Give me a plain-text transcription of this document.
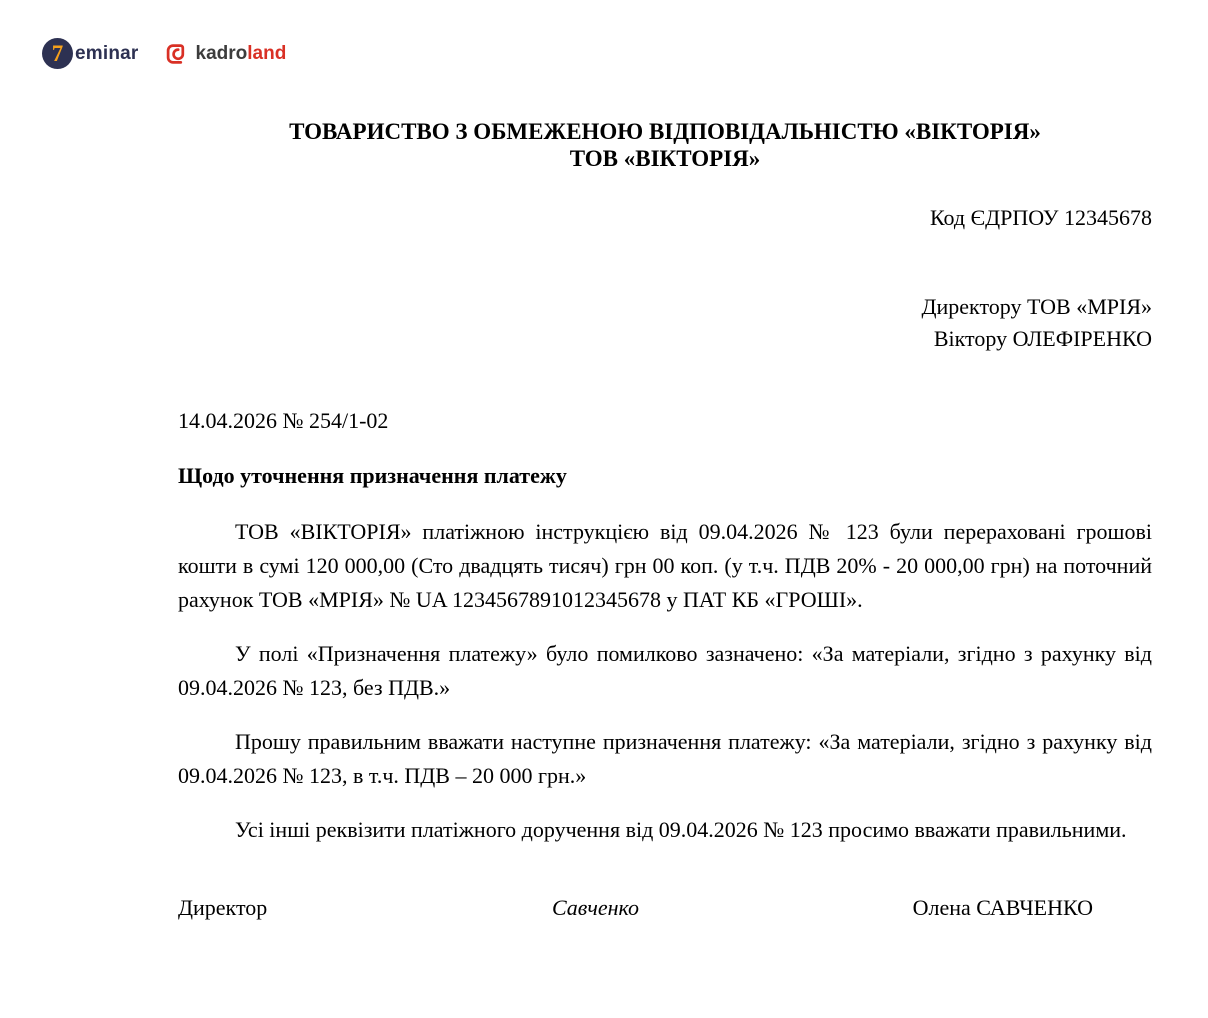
7 eminar	kadroland
ТОВАРИСТВО З ОБМЕЖЕНОЮ ВІДПОВІДАЛЬНІСТЮ «ВІКТОРІЯ»
ТОВ «ВІКТОРІЯ»
Код ЄДРПОУ 12345678
Директору ТОВ «МРІЯ»
Віктору ОЛЕФІРЕНКО
14.04.2026 № 254/1-02
Щодо уточнення призначення платежу

ТОВ «ВІКТОРІЯ» платіжною інструкцією від 09.04.2026 № 123 були перераховані грошові кошти в сумі 120 000,00 (Сто двадцять тисяч) грн 00 коп. (у т.ч. ПДВ 20% - 20 000,00 грн) на поточний рахунок ТОВ «МРІЯ» № UA 1234567891012345678 у ПАТ КБ «ГРОШІ».

У полі «Призначення платежу» було помилково зазначено: «За матеріали, згідно з рахунку від 09.04.2026 № 123, без ПДВ.»

Прошу правильним вважати наступне призначення платежу: «За матеріали, згідно з рахунку від 09.04.2026 № 123, в т.ч. ПДВ – 20 000 грн.»

Усі інші реквізити платіжного доручення від 09.04.2026 № 123 просимо вважати правильними.

Директор	Савченко	Олена САВЧЕНКО
